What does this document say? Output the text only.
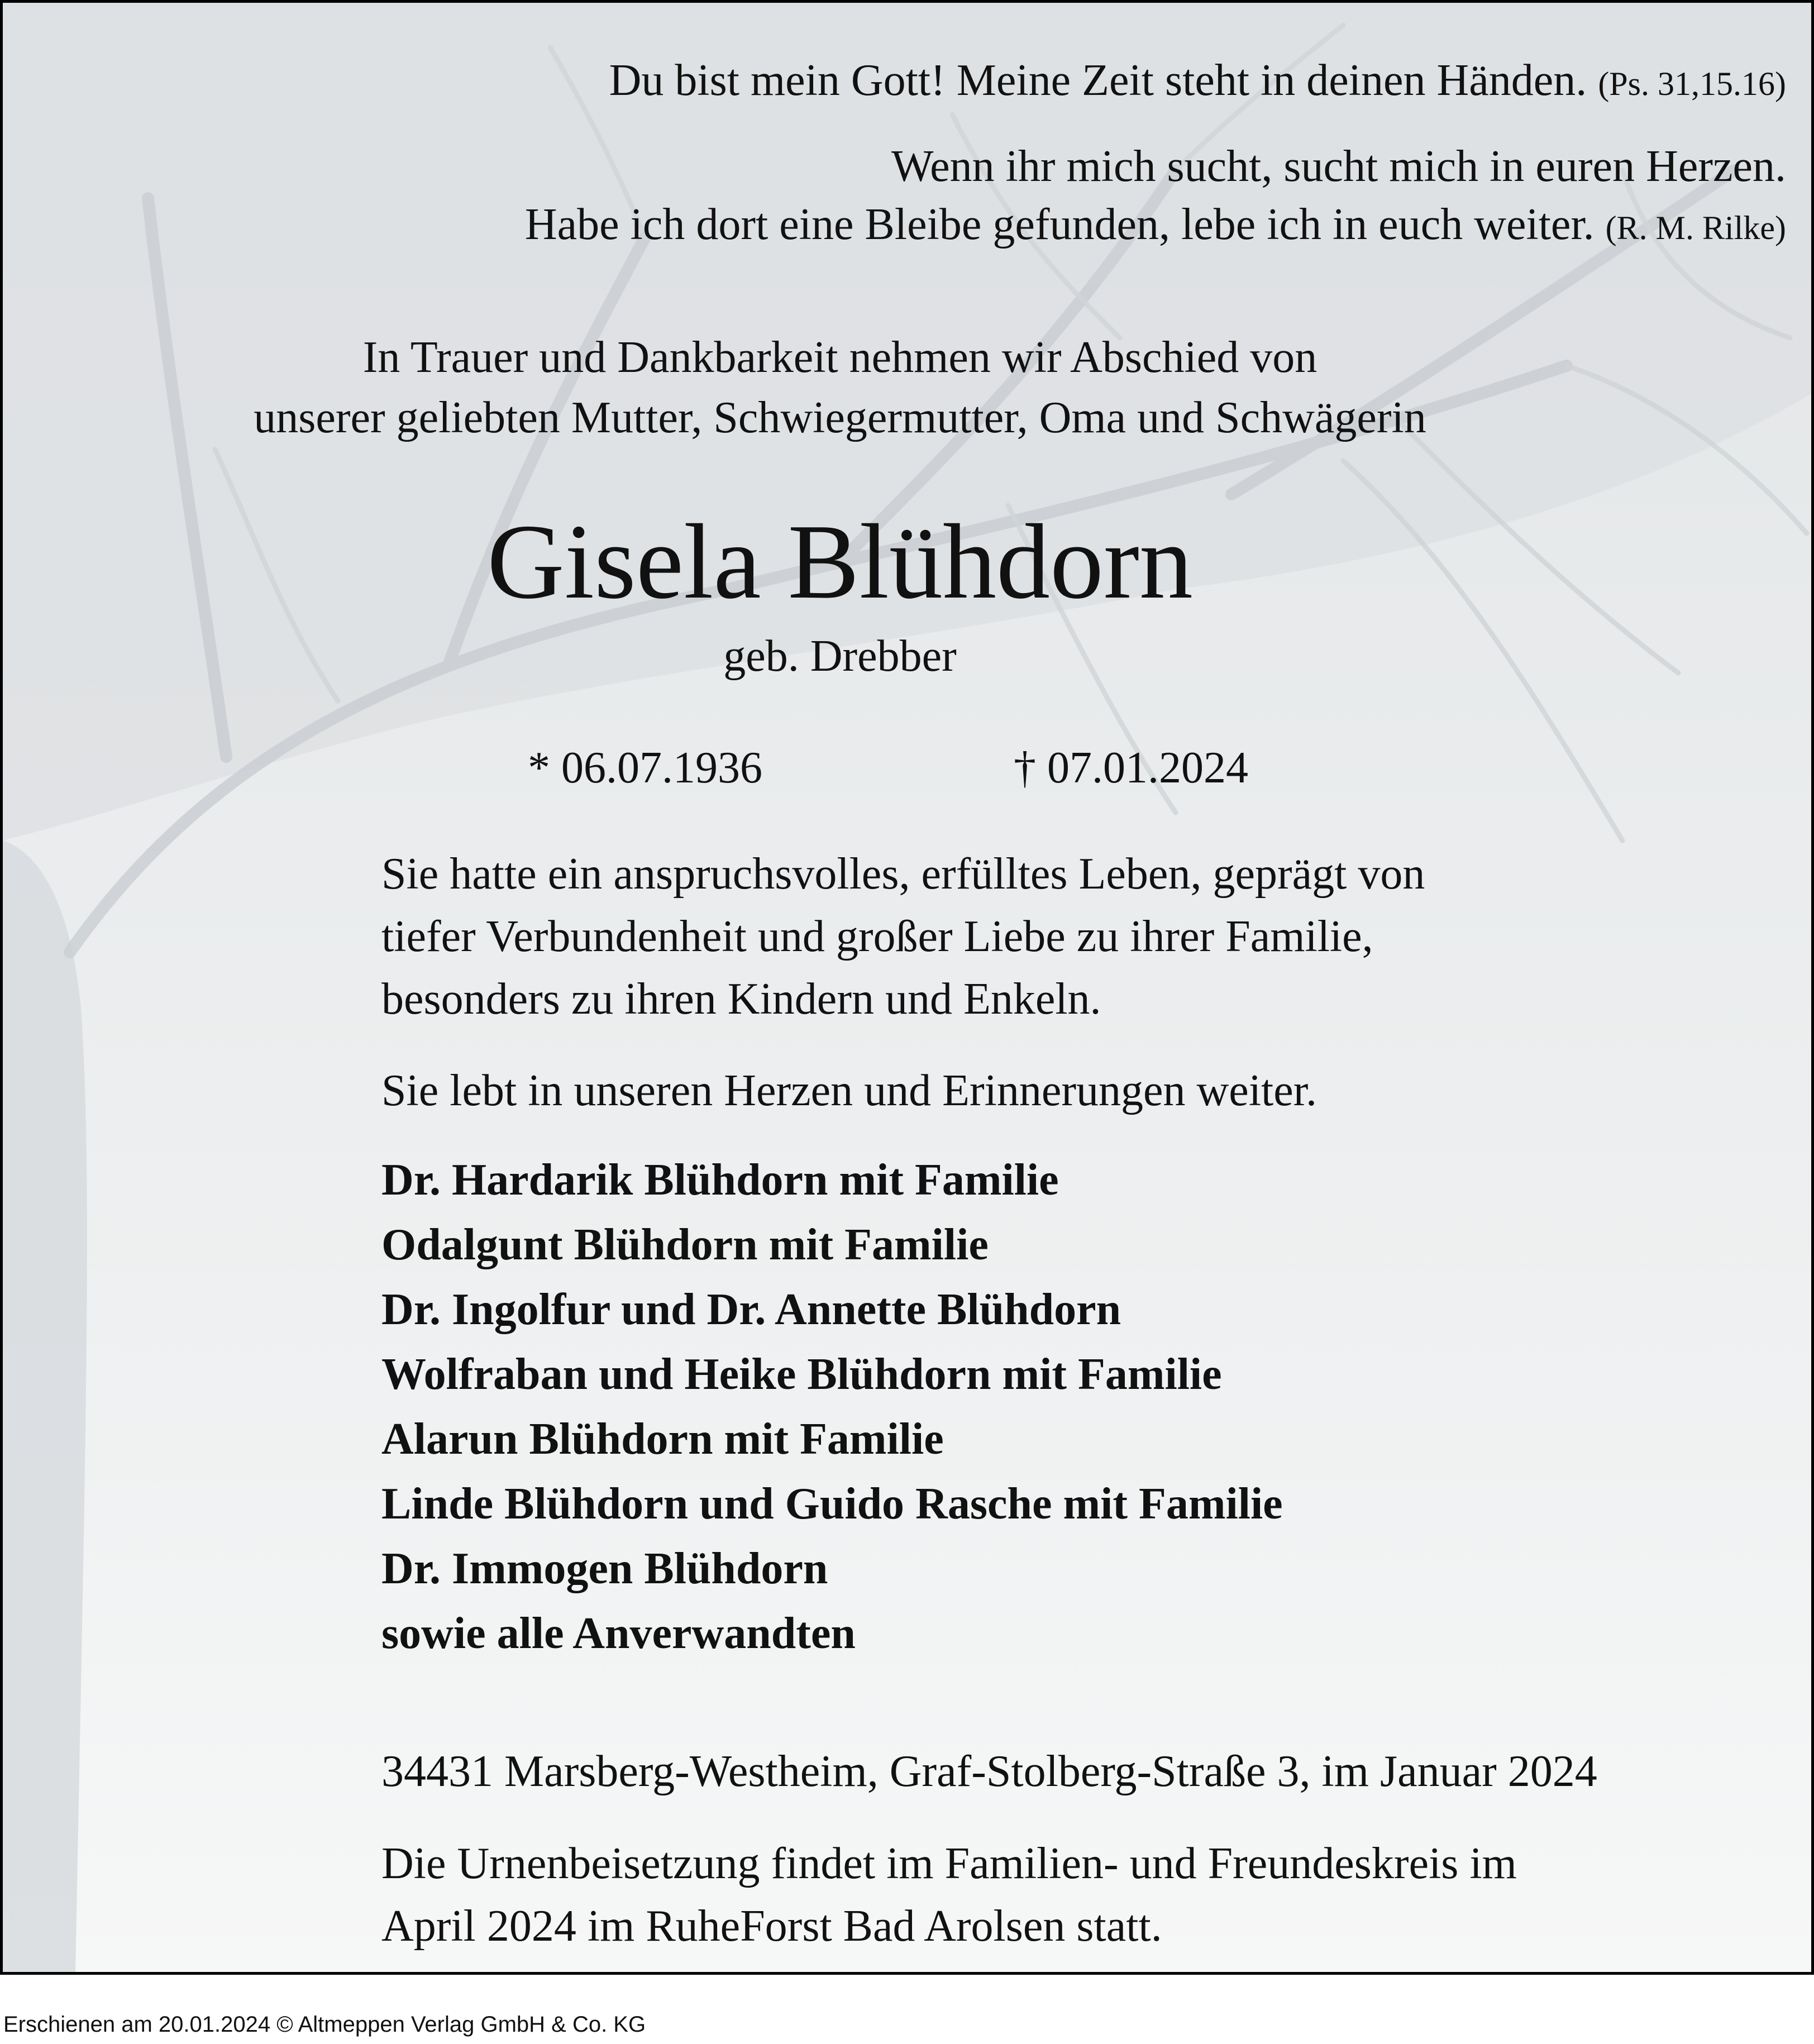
Du bist mein Gott! Meine Zeit steht in deinen Händen. (Ps. 31,15.16)
Wenn ihr mich sucht, sucht mich in euren Herzen.
Habe ich dort eine Bleibe gefunden, lebe ich in euch weiter. (R. M. Rilke)
In Trauer und Dankbarkeit nehmen wir Abschied von
unserer geliebten Mutter, Schwiegermutter, Oma und Schwägerin
Gisela Blühdorn
geb. Drebber
* 06.07.1936	† 07.01.2024
Sie hatte ein anspruchsvolles, erfülltes Leben, geprägt von
tiefer Verbundenheit und großer Liebe zu ihrer Familie,
besonders zu ihren Kindern und Enkeln.
Sie lebt in unseren Herzen und Erinnerungen weiter.
Dr. Hardarik Blühdorn mit Familie
Odalgunt Blühdorn mit Familie
Dr. Ingolfur und Dr. Annette Blühdorn
Wolfraban und Heike Blühdorn mit Familie
Alarun Blühdorn mit Familie
Linde Blühdorn und Guido Rasche mit Familie
Dr. Immogen Blühdorn
sowie alle Anverwandten
34431 Marsberg-Westheim, Graf-Stolberg-Straße 3, im Januar 2024
Die Urnenbeisetzung findet im Familien- und Freundeskreis im
April 2024 im RuheForst Bad Arolsen statt.
Erschienen am 20.01.2024 © Altmeppen Verlag GmbH & Co. KG
